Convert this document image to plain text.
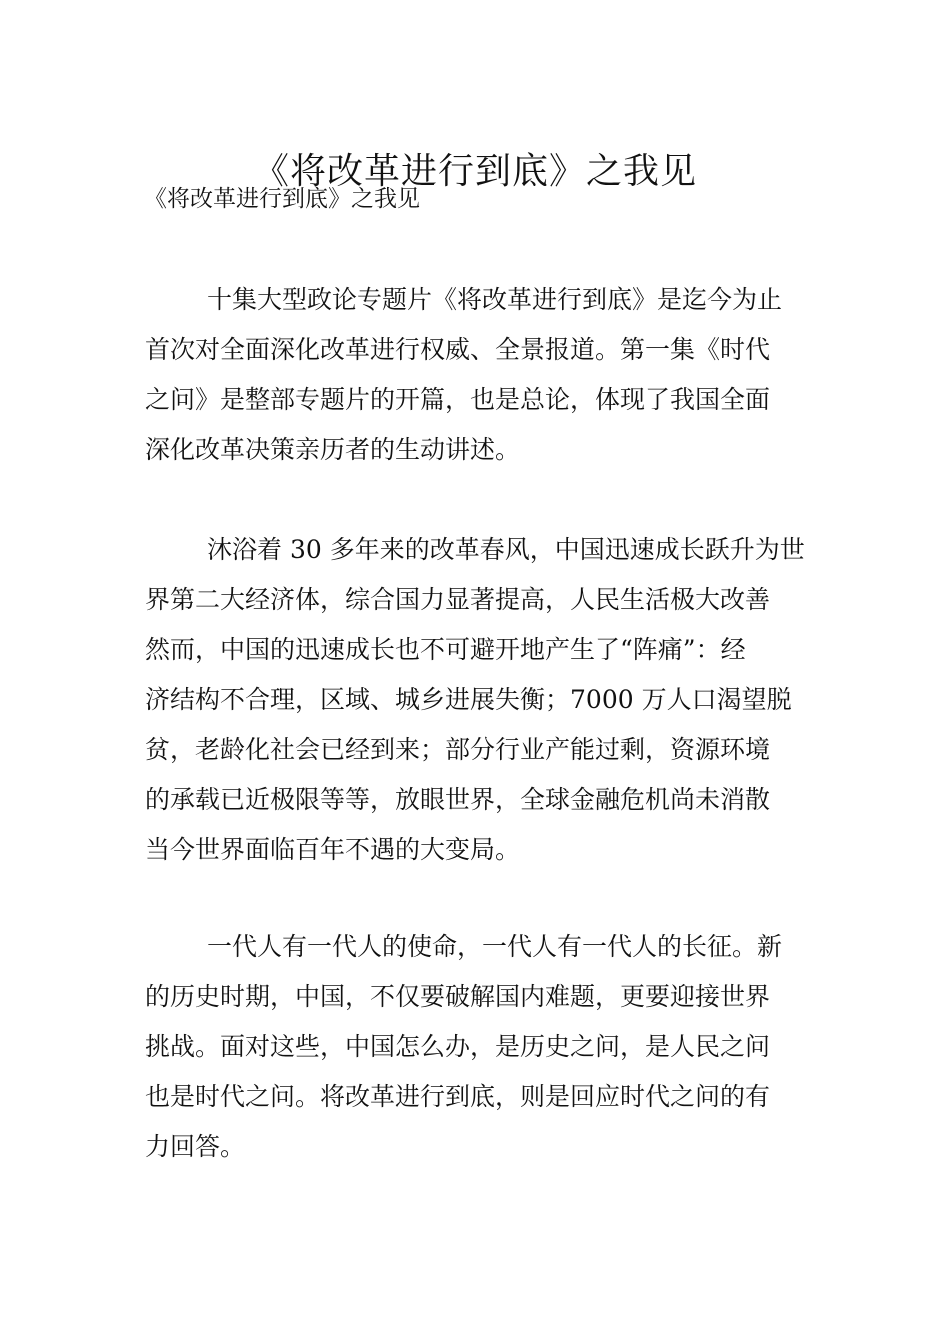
《将改革进行到底》之我见
《将改革进行到底》之我见
十集大型政论专题片《将改革进行到底》是迄今为止
首次对全面深化改革进行权威、全景报道。第一集《时代
之问》是整部专题片的开篇，也是总论，体现了我国全面
深化改革决策亲历者的生动讲述。
沐浴着 30 多年来的改革春风，中国迅速成长跃升为世
界第二大经济体，综合国力显著提高，人民生活极大改善
然而，中国的迅速成长也不可避开地产生了“阵痛”：经
济结构不合理，区域、城乡进展失衡；7000 万人口渴望脱
贫，老龄化社会已经到来；部分行业产能过剩，资源环境
的承载已近极限等等，放眼世界，全球金融危机尚未消散
当今世界面临百年不遇的大变局。
一代人有一代人的使命，一代人有一代人的长征。新
的历史时期，中国，不仅要破解国内难题，更要迎接世界
挑战。面对这些，中国怎么办，是历史之问，是人民之问
也是时代之问。将改革进行到底，则是回应时代之问的有
力回答。
